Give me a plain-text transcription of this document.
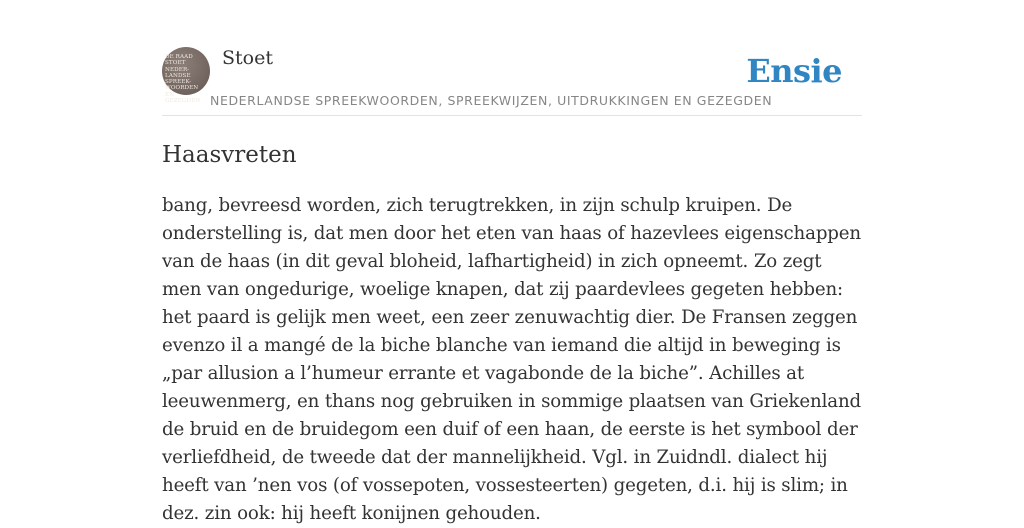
DE RAAD STOET
NEDER-
LANDSE
SPREEK-
WOORDEN EN
GEZEGDEN
Stoet	Ensie
NEDERLANDSE SPREEKWOORDEN, SPREEKWIJZEN, UITDRUKKINGEN EN GEZEGDEN
Haasvreten

bang, bevreesd worden, zich terugtrekken, in zijn schulp kruipen. De onderstelling is, dat men door het eten van haas of hazevlees eigenschappen van de haas (in dit geval bloheid, lafhartigheid) in zich opneemt. Zo zegt men van ongedurige, woelige knapen, dat zij paardevlees gegeten hebben: het paard is gelijk men weet, een zeer zenuwachtig dier. De Fransen zeggen evenzo il a mangé de la biche blanche van iemand die altijd in beweging is „par allusion a l’humeur errante et vagabonde de la biche”. Achilles at leeuwenmerg, en thans nog gebruiken in sommige plaatsen van Griekenland de bruid en de bruidegom een duif of een haan, de eerste is het symbool der verliefdheid, de tweede dat der mannelijkheid. Vgl. in Zuidndl. dialect hij heeft van ’nen vos (of vossepoten, vossesteerten) gegeten, d.i. hij is slim; in dez. zin ook: hij heeft konijnen gehouden.
